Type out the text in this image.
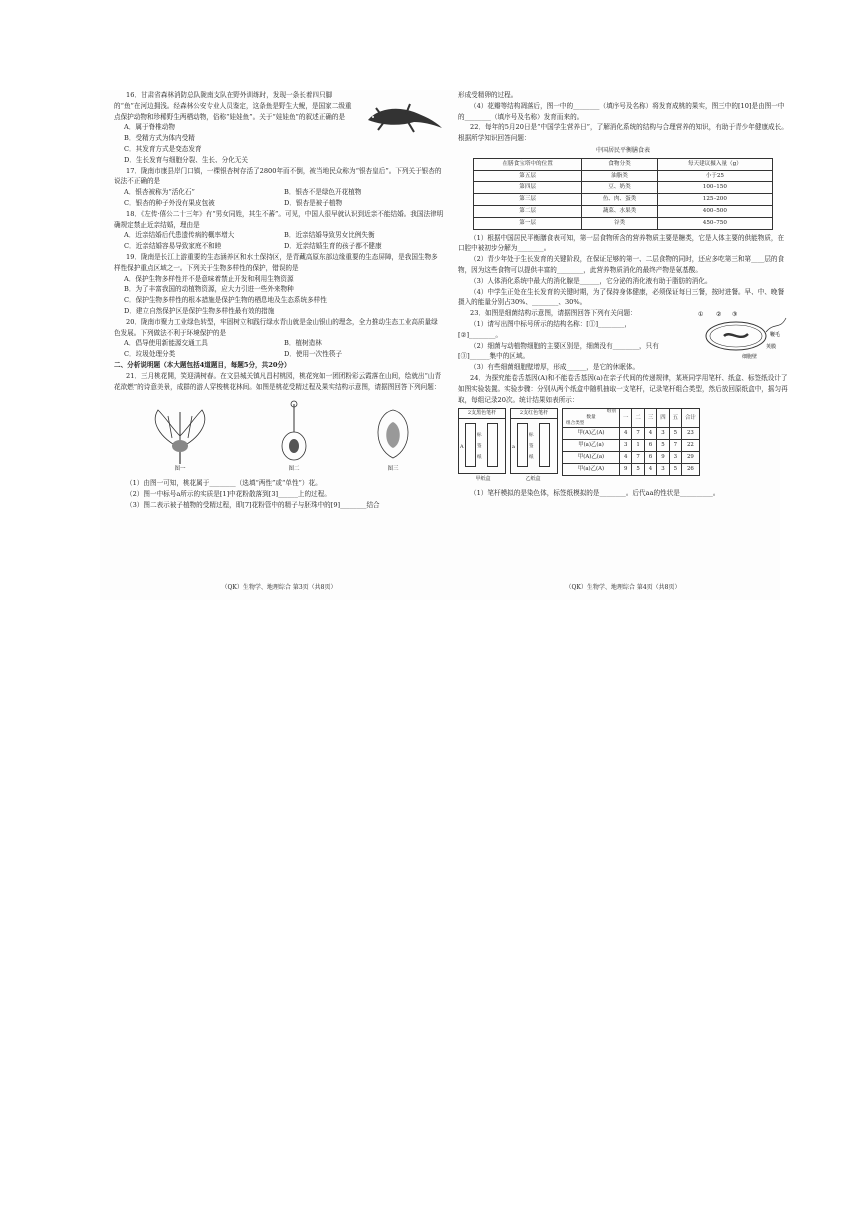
16．甘肃省森林消防总队陇南支队在野外训练时，发现一条长着四只脚的“鱼”在河边拥浅。经森林公安专业人员鉴定，这条鱼是野生大鲵，是国家二级重点保护动物和珍稀野生两栖动物，俗称“娃娃鱼”。关于“娃娃鱼”的叙述正确的是

A．属于脊椎动物

B．受精方式为体内受精

C．其发育方式是变态发育

D．生长发育与细胞分裂、生长、分化无关

17．陇南市康县岸门口镇，一棵银杏树存活了2800年而不倒，被当地民众称为“银杏皇后”。下列关于银杏的说法不正确的是

A．银杏被称为“活化石”	B．银杏不是绿色开花植物
C．银杏的种子外没有果皮包被	D．银杏是被子植物

18．《左传·僖公二十三年》有“男女同姓，其生不蕃”。可见，中国人很早就认识到近亲不能结婚。我国法律明确规定禁止近亲结婚，理由是

A．近亲结婚后代患遗传病的概率增大	B．近亲结婚导致男女比例失衡
C．近亲结婚容易导致家庭不和睦	D．近亲结婚生育的孩子都不健康

19．陇南是长江上游重要的生态涵养区和水土保持区，是青藏高原东部边缘重要的生态屏障，是我国生物多样性保护重点区域之一。下列关于生物多样性的保护，错误的是

A．保护生物多样性并不是意味着禁止开发和利用生物资源

B．为了丰富我国的动植物资源，应大力引进一些外来物种

C．保护生物多样性的根本措施是保护生物的栖息地及生态系统多样性

D．建立自然保护区是保护生物多样性最有效的措施

20．陇南市聚力工业绿色转型，牢固树立和践行绿水青山就是金山银山的理念，全力推动生态工业高质量绿色发展。下列做法不利于环境保护的是

A．倡导使用新能源交通工具	B．植树造林
C．垃圾处理分类	D．使用一次性筷子

二、分析说明题（本大题包括4道题目，每题5分，共20分）

21．三月桃花開，笑迎满树春。在文县城关镇凡昌村桃园，桃花宛如一团团粉彩云霞落在山间，绘就出“山青花欲燃”的诗意美景，成群的游人穿梭桃花林间。如图是桃花受精过程及果实结构示意图，请据图回答下列问题：

图一	图二	图三

（1）由图一可知，桃花属于________（选填“两性”或“单性”）花。

（2）图一中标号a所示的实质是[1]中花粉散落到[3]______上的过程。

（3）图二表示被子植物的受精过程，即[7]花粉管中的精子与胚珠中的[9]________结合

（QK）生物学、地理综合 第3页（共8页）

形成受精卵的过程。

（4）花瓣等结构凋落后，图一中的________（填序号及名称）将发育成桃的果实，图三中的[10]是由图一中的________（填序号及名称）发育而来的。

22．每年的5月20日是“中国学生营养日”，了解消化系统的结构与合理营养的知识，有助于青少年健康成长。根据所学知识回答问题：

中国居民平衡膳食表
在膳食宝塔中的位置	食物分类	每天建议摄入量（g）
第五层	油脂类	小于25
第四层	豆、奶类	100–150
第三层	鱼、肉、蛋类	125–200
第二层	蔬菜、水果类	400–500
第一层	谷类	450–750

（1）根据中国居民平衡膳食表可知，第一层食物所含的营养物质主要是糖类，它是人体主要的供能物质，在口腔中被初步分解为________。

（2）青少年处于生长发育的关键阶段，在保证足够的第一、二层食物的同时，还应多吃第三和第____层的食物，因为这些食物可以提供丰富的________，此营养物质消化的最终产物是氨基酸。

（3）人体消化系统中最大的消化腺是______，它分泌的消化液有助于脂肪的消化。

（4）中学生正处在生长发育的关键时期，为了保持身体健康，必须保证每日三餐，按时进餐。早、中、晚餐摄入的能量分别占30%、________、30%。

① ② ③
鞭毛
荚膜
细胞壁

23．如图是细菌结构示意图，请据图回答下列有关问题：

（1）请写出图中标号所示的结构名称：[①]________，

[②]________。

（2）细菌与动植物细胞的主要区别是，细菌没有________，只有[③]______集中的区域。

（3）有些细菌细胞壁增厚，形成______，是它的休眠体。

24．为探究能卷舌基因(A)和不能卷舌基因(a)在亲子代间的传递规律，某班同学用笔杆、纸盒、标签纸设计了如图实验装置。实验步骤：分别从两个纸盒中随机抽取一支笔杆，记录笔杆组合类型，然后放回原纸盒中，摇匀再取，每组记录20次。统计结果如表所示：

2支黑色笔杆
A
标签纸
2支红色笔杆
a
标签纸
甲纸盒	乙纸盒
组别
数量
组合类型	一	二	三	四	五	合计
甲(A)乙(A)	4	7	4	3	5	23
甲(a)乙(a)	3	1	6	5	7	22
甲(A)乙(a)	4	7	6	9	3	29
甲(a)乙(A)	9	5	4	3	5	26

（1）笔杆模拟的是染色体，标签纸模拟的是________。后代aa的性状是__________。

（QK）生物学、地理综合 第4页（共8页）
